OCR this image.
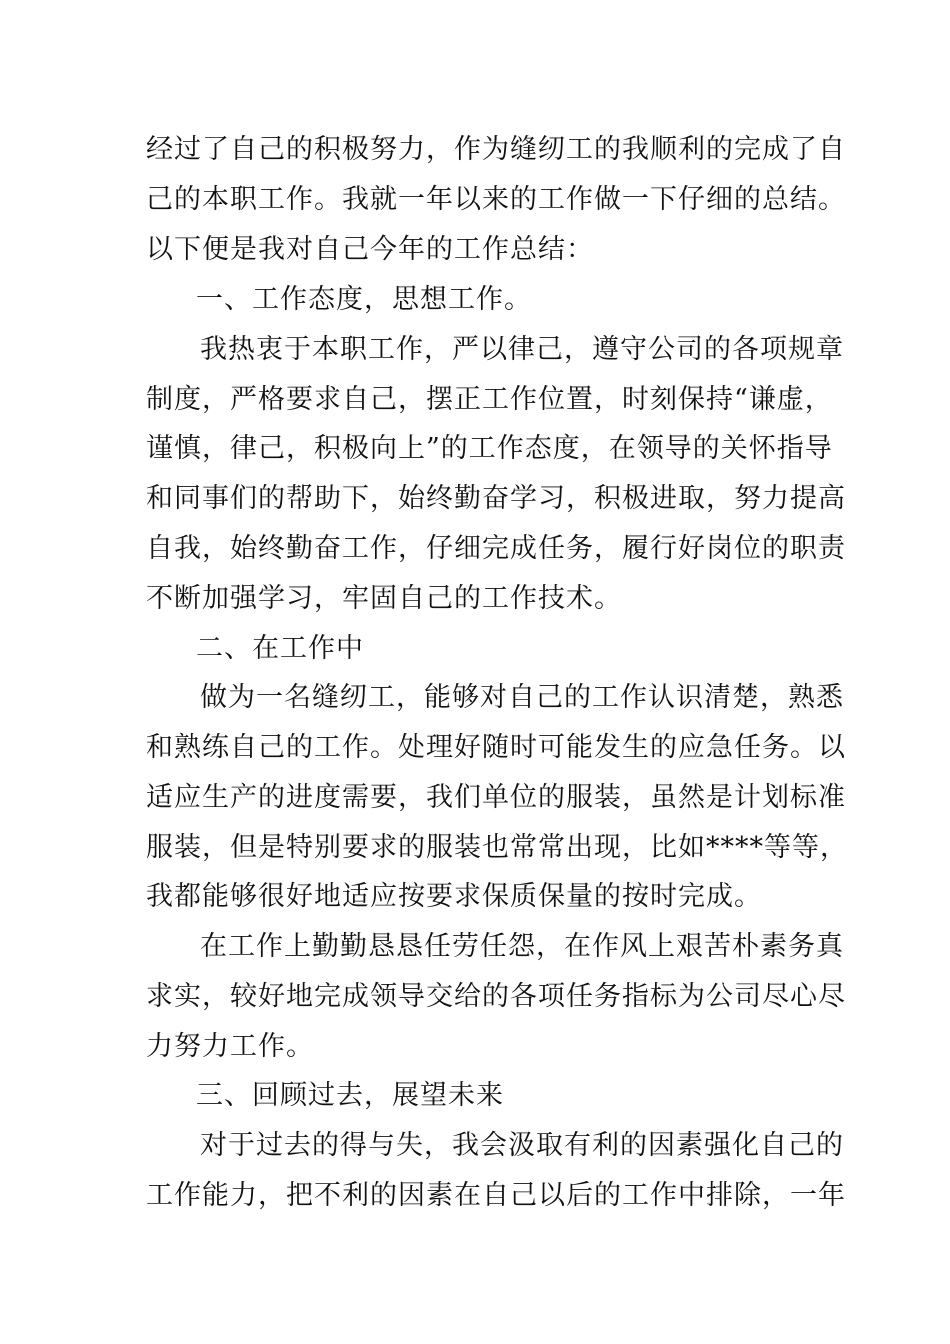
经过了自己的积极努力，作为缝纫工的我顺利的完成了自
己的本职工作。我就一年以来的工作做一下仔细的总结。
以下便是我对自己今年的工作总结：
一、工作态度，思想工作。
我热衷于本职工作，严以律己，遵守公司的各项规章
制度，严格要求自己，摆正工作位置，时刻保持“谦虚，
谨慎，律己，积极向上”的工作态度，在领导的关怀指导
和同事们的帮助下，始终勤奋学习，积极进取，努力提高
自我，始终勤奋工作，仔细完成任务，履行好岗位的职责
不断加强学习，牢固自己的工作技术。
二、在工作中
做为一名缝纫工，能够对自己的工作认识清楚，熟悉
和熟练自己的工作。处理好随时可能发生的应急任务。以
适应生产的进度需要，我们单位的服装，虽然是计划标准
服装，但是特别要求的服装也常常出现，比如****等等，
我都能够很好地适应按要求保质保量的按时完成。
在工作上勤勤恳恳任劳任怨，在作风上艰苦朴素务真
求实，较好地完成领导交给的各项任务指标为公司尽心尽
力努力工作。
三、回顾过去，展望未来
对于过去的得与失，我会汲取有利的因素强化自己的
工作能力，把不利的因素在自己以后的工作中排除，一年
